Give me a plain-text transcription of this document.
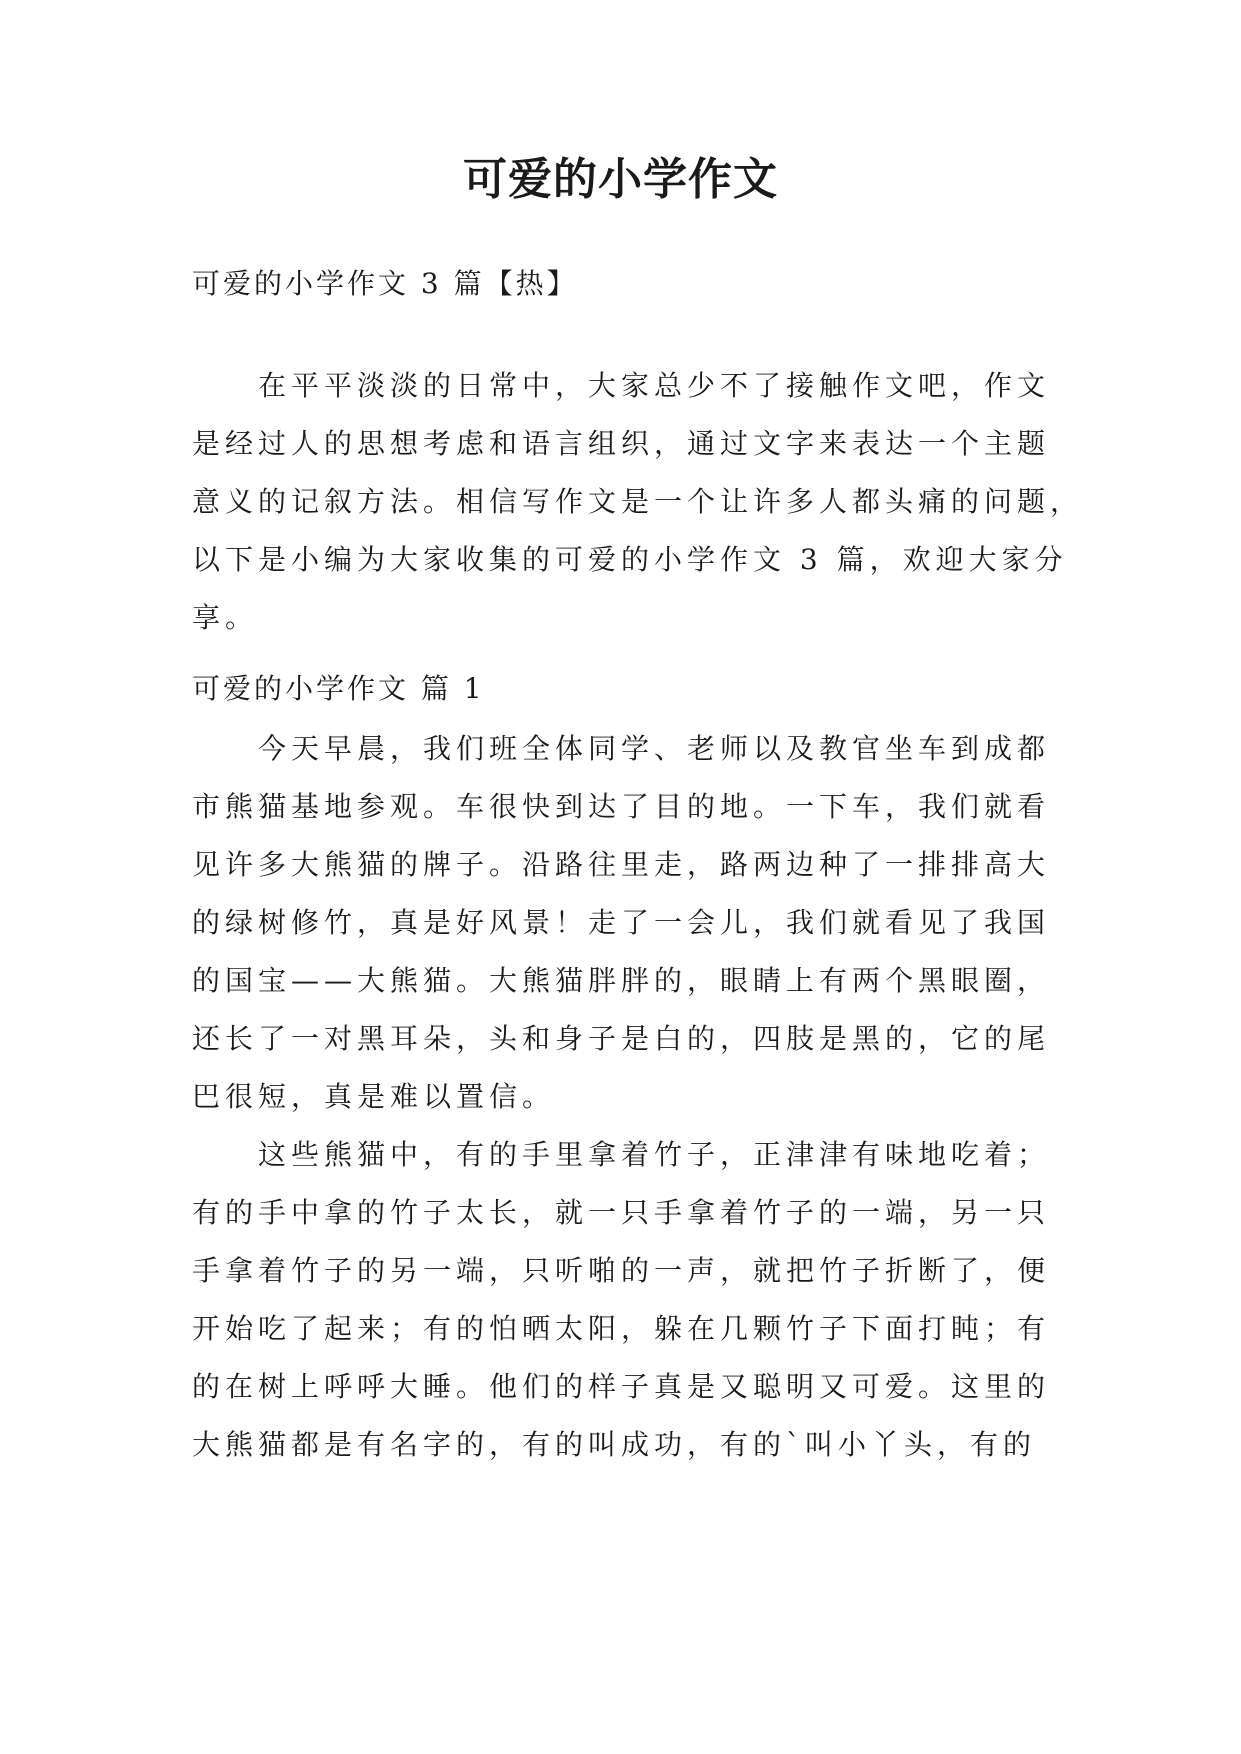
可爱的小学作文
可爱的小学作文 3 篇【热】
在平平淡淡的日常中，大家总少不了接触作文吧，作文
是经过人的思想考虑和语言组织，通过文字来表达一个主题
意义的记叙方法。相信写作文是一个让许多人都头痛的问题，
以下是小编为大家收集的可爱的小学作文 3 篇，欢迎大家分
享。
可爱的小学作文 篇 1
今天早晨，我们班全体同学、老师以及教官坐车到成都
市熊猫基地参观。车很快到达了目的地。一下车，我们就看
见许多大熊猫的牌子。沿路往里走，路两边种了一排排高大
的绿树修竹，真是好风景！走了一会儿，我们就看见了我国
的国宝——大熊猫。大熊猫胖胖的，眼睛上有两个黑眼圈，
还长了一对黑耳朵，头和身子是白的，四肢是黑的，它的尾
巴很短，真是难以置信。
这些熊猫中，有的手里拿着竹子，正津津有味地吃着；
有的手中拿的竹子太长，就一只手拿着竹子的一端，另一只
手拿着竹子的另一端，只听啪的一声，就把竹子折断了，便
开始吃了起来；有的怕晒太阳，躲在几颗竹子下面打盹；有
的在树上呼呼大睡。他们的样子真是又聪明又可爱。这里的
大熊猫都是有名字的，有的叫成功，有的`叫小丫头，有的
